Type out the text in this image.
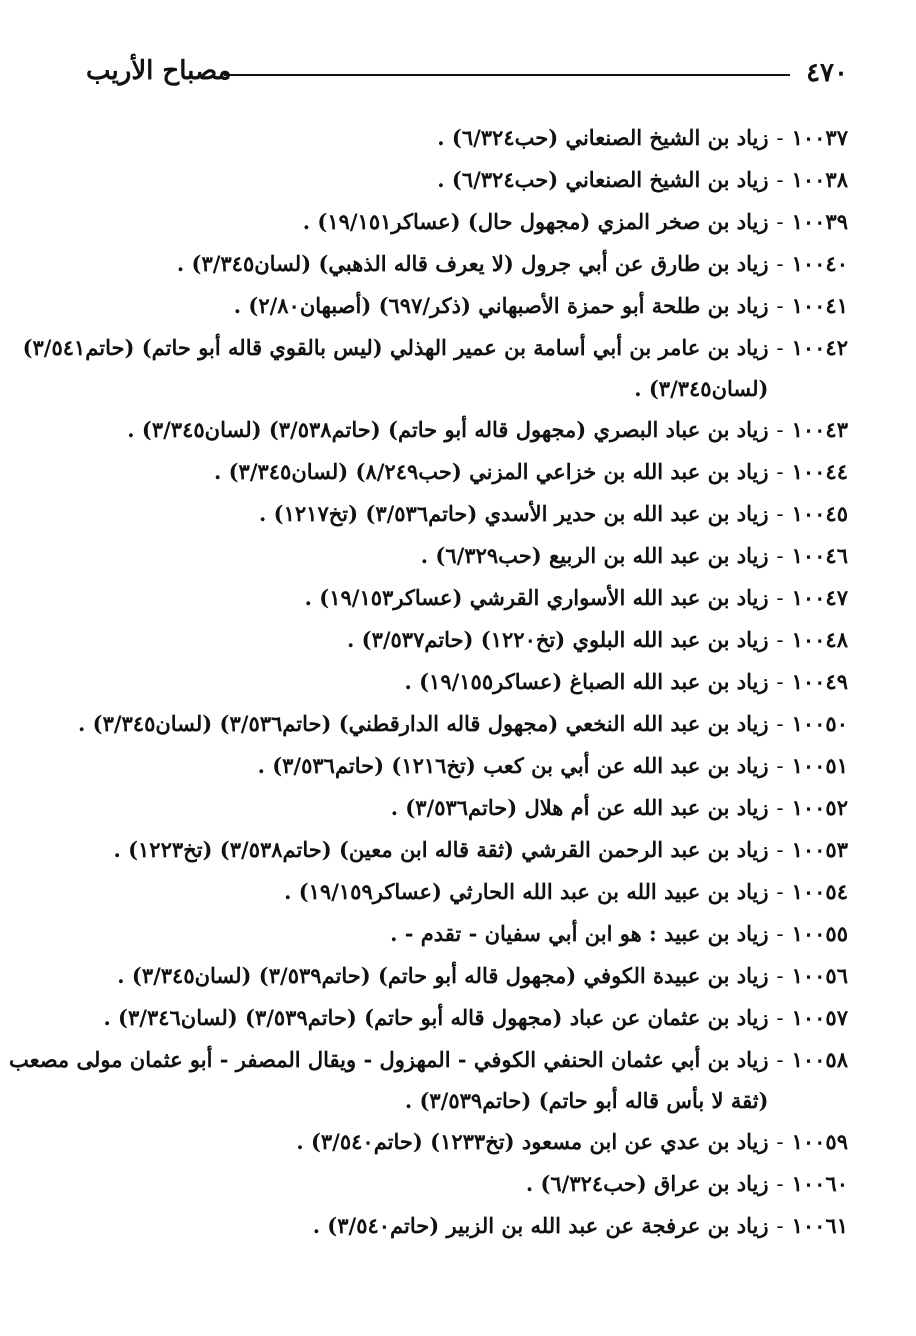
٤٧٠
مصباح الأريب
١٠٠٣٧
-
زياد بن الشيخ الصنعاني (حب٦/٣٢٤) .
١٠٠٣٨
-
زياد بن الشيخ الصنعاني (حب٦/٣٢٤) .
١٠٠٣٩
-
زياد بن صخر المزي (مجهول حال) (عساكر١٩/١٥١) .
١٠٠٤٠
-
زياد بن طارق عن أبي جرول (لا يعرف قاله الذهبي) (لسان٣/٣٤٥) .
١٠٠٤١
-
زياد بن طلحة أبو حمزة الأصبهاني (ذكر/٦٩٧) (أصبهان٢/٨٠) .
١٠٠٤٢
-
زياد بن عامر بن أبي أسامة بن عمير الهذلي (ليس بالقوي قاله أبو حاتم) (حاتم٣/٥٤١)
(لسان٣/٣٤٥) .
١٠٠٤٣
-
زياد بن عباد البصري (مجهول قاله أبو حاتم) (حاتم٣/٥٣٨) (لسان٣/٣٤٥) .
١٠٠٤٤
-
زياد بن عبد الله بن خزاعي المزني (حب٨/٢٤٩) (لسان٣/٣٤٥) .
١٠٠٤٥
-
زياد بن عبد الله بن حدير الأسدي (حاتم٣/٥٣٦) (تخ١٢١٧) .
١٠٠٤٦
-
زياد بن عبد الله بن الربيع (حب٦/٣٢٩) .
١٠٠٤٧
-
زياد بن عبد الله الأسواري القرشي (عساكر١٩/١٥٣) .
١٠٠٤٨
-
زياد بن عبد الله البلوي (تخ١٢٢٠) (حاتم٣/٥٣٧) .
١٠٠٤٩
-
زياد بن عبد الله الصباغ (عساكر١٩/١٥٥) .
١٠٠٥٠
-
زياد بن عبد الله النخعي (مجهول قاله الدارقطني) (حاتم٣/٥٣٦) (لسان٣/٣٤٥) .
١٠٠٥١
-
زياد بن عبد الله عن أبي بن كعب (تخ١٢١٦) (حاتم٣/٥٣٦) .
١٠٠٥٢
-
زياد بن عبد الله عن أم هلال (حاتم٣/٥٣٦) .
١٠٠٥٣
-
زياد بن عبد الرحمن القرشي (ثقة قاله ابن معين) (حاتم٣/٥٣٨) (تخ١٢٢٣) .
١٠٠٥٤
-
زياد بن عبيد الله بن عبد الله الحارثي (عساكر١٩/١٥٩) .
١٠٠٥٥
-
زياد بن عبيد : هو ابن أبي سفيان - تقدم - .
١٠٠٥٦
-
زياد بن عبيدة الكوفي (مجهول قاله أبو حاتم) (حاتم٣/٥٣٩) (لسان٣/٣٤٥) .
١٠٠٥٧
-
زياد بن عثمان عن عباد (مجهول قاله أبو حاتم) (حاتم٣/٥٣٩) (لسان٣/٣٤٦) .
١٠٠٥٨
-
زياد بن أبي عثمان الحنفي الكوفي - المهزول - ويقال المصفر - أبو عثمان مولى مصعب
(ثقة لا بأس قاله أبو حاتم) (حاتم٣/٥٣٩) .
١٠٠٥٩
-
زياد بن عدي عن ابن مسعود (تخ١٢٣٣) (حاتم٣/٥٤٠) .
١٠٠٦٠
-
زياد بن عراق (حب٦/٣٢٤) .
١٠٠٦١
-
زياد بن عرفجة عن عبد الله بن الزبير (حاتم٣/٥٤٠) .
